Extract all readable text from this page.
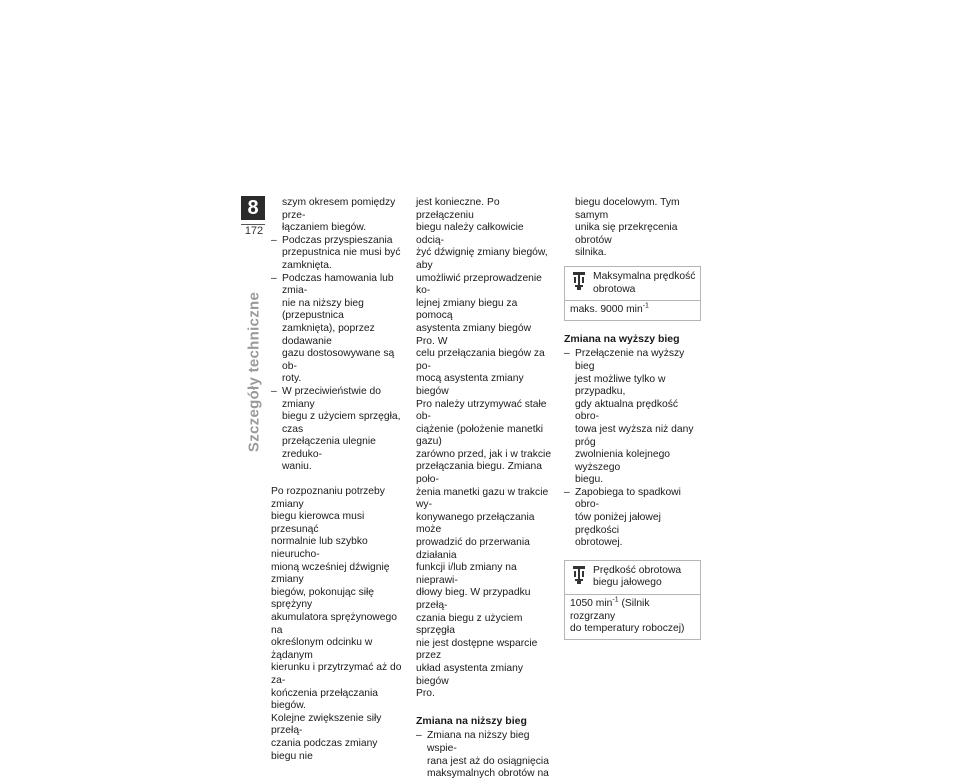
8
172
Szczegóły techniczne

szym okresem pomiędzy prze-

łączaniem biegów.

– Podczas przyspieszania

przepustnica nie musi być

zamknięta.

– Podczas hamowania lub zmia-

nie na niższy bieg (przepustnica

zamknięta), poprzez dodawanie

gazu dostosowywane są ob-

roty.

– W przeciwieństwie do zmiany

biegu z użyciem sprzęgła, czas

przełączenia ulegnie zreduko-

waniu.

Po rozpoznaniu potrzeby zmiany

biegu kierowca musi przesunąć

normalnie lub szybko nieurucho-

mioną wcześniej dźwignię zmiany

biegów, pokonując siłę sprężyny

akumulatora sprężynowego na

określonym odcinku w żądanym

kierunku i przytrzymać aż do za-

kończenia przełączania biegów.

Kolejne zwiększenie siły przełą-

czania podczas zmiany biegu nie

jest konieczne. Po przełączeniu

biegu należy całkowicie odcią-

żyć dźwignię zmiany biegów, aby

umożliwić przeprowadzenie ko-

lejnej zmiany biegu za pomocą

asystenta zmiany biegów Pro. W

celu przełączania biegów za po-

mocą asystenta zmiany biegów

Pro należy utrzymywać stałe ob-

ciążenie (położenie manetki gazu)

zarówno przed, jak i w trakcie

przełączania biegu. Zmiana poło-

żenia manetki gazu w trakcie wy-

konywanego przełączania może

prowadzić do przerwania działania

funkcji i/lub zmiany na nieprawi-

dłowy bieg. W przypadku przełą-

czania biegu z użyciem sprzęgła

nie jest dostępne wsparcie przez

układ asystenta zmiany biegów

Pro.

Zmiana na niższy bieg

– Zmiana na niższy bieg wspie-

rana jest aż do osiągnięcia

maksymalnych obrotów na

biegu docelowym. Tym samym

unika się przekręcenia obrotów

silnika.

Maksymalna prędkość

obrotowa

maks. 9000 $\min^{-1}$

Zmiana na wyższy bieg

– Przełączenie na wyższy bieg

jest możliwe tylko w przypadku,

gdy aktualna prędkość obro-

towa jest wyższa niż dany próg

zwolnienia kolejnego wyższego

biegu.

– Zapobiega to spadkowi obro-

tów poniżej jałowej prędkości

obrotowej.

Prędkość obrotowa

biegu jałowego

1050 $\min^{-1}$ (Silnik rozgrzany

do temperatury roboczej)
